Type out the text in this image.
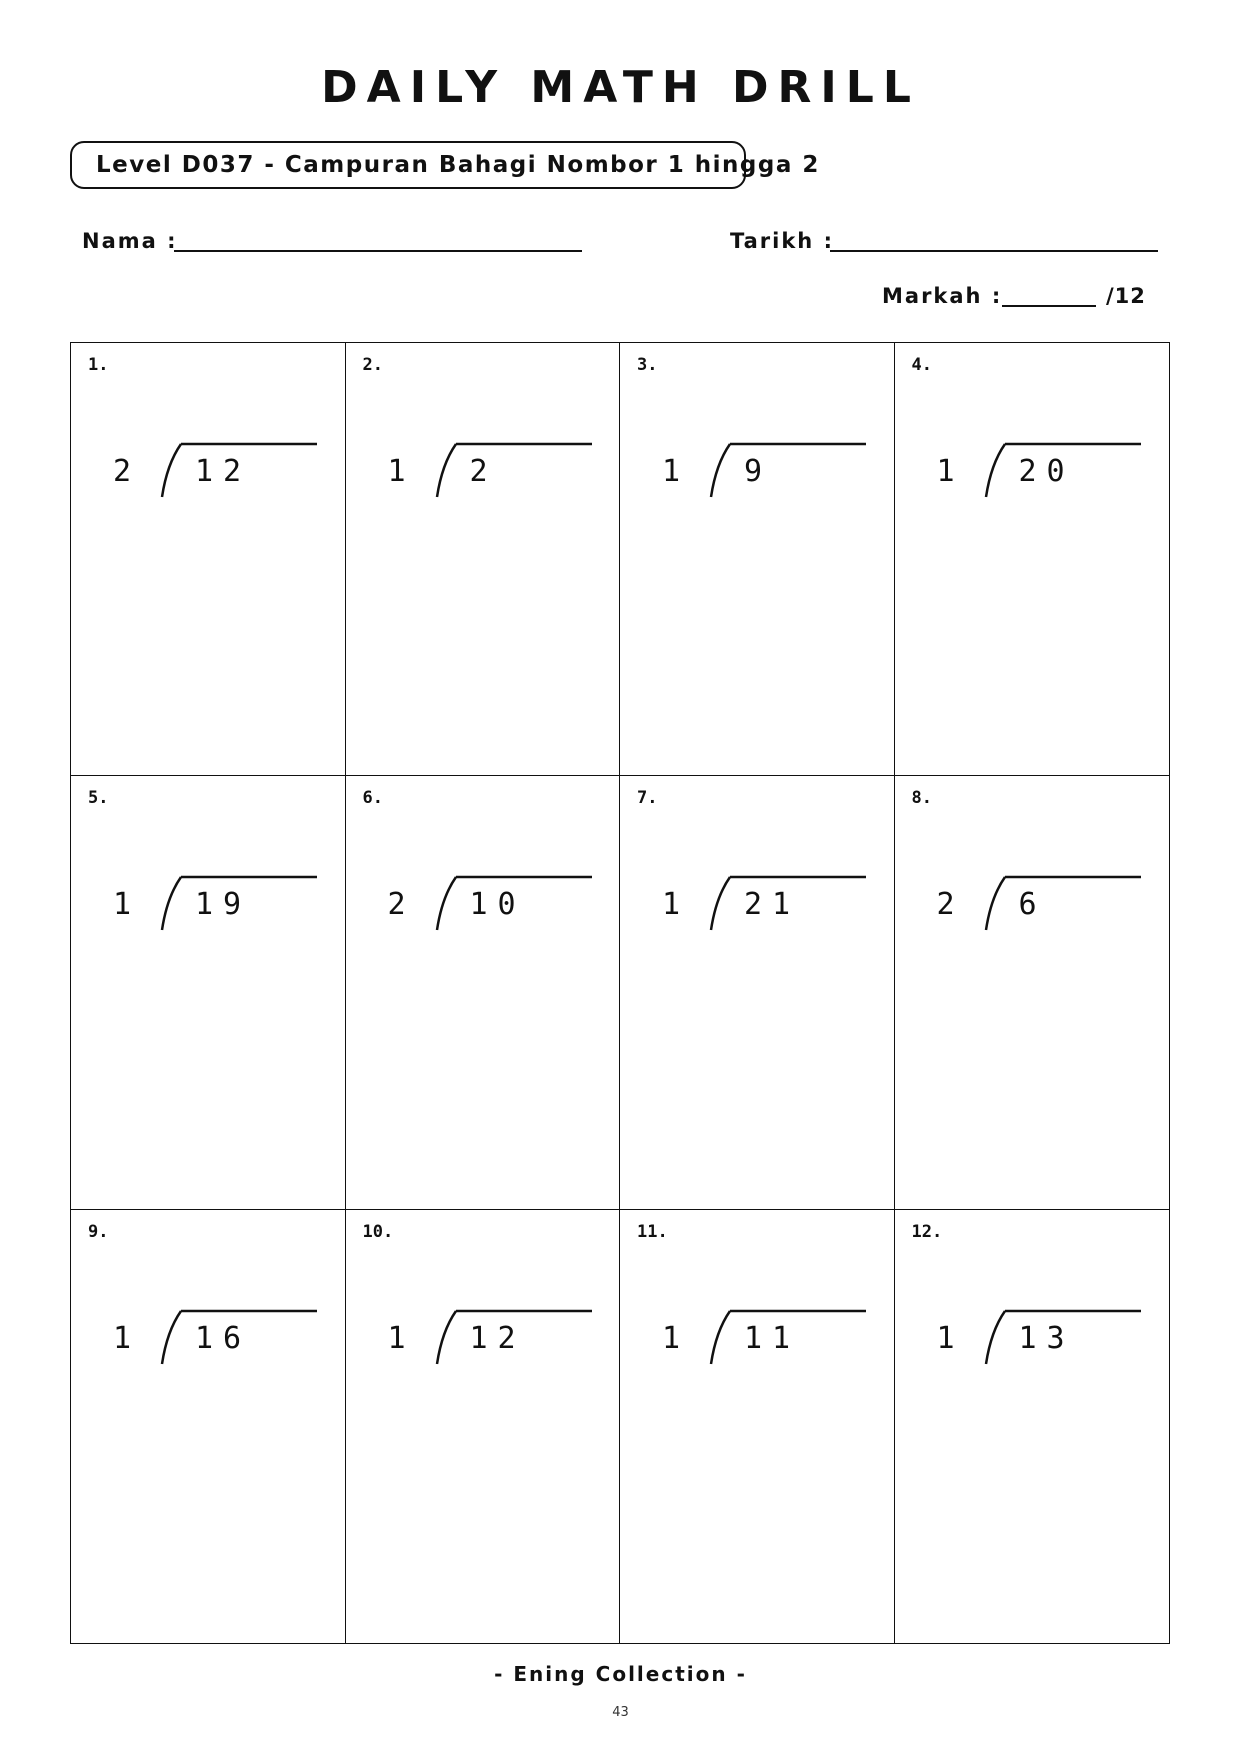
DAILY MATH DRILL
Level D037 - Campuran Bahagi Nombor 1 hingga 2
Nama :	Tarikh :
Markah :	/12
1.
2 12
2.
1 2
3.
1 9
4.
1 20
5.
1 19
6.
2 10
7.
1 21
8.
2 6
9.
1 16
10.
1 12
11.
1 11
12.
1 13
- Ening Collection -
43
